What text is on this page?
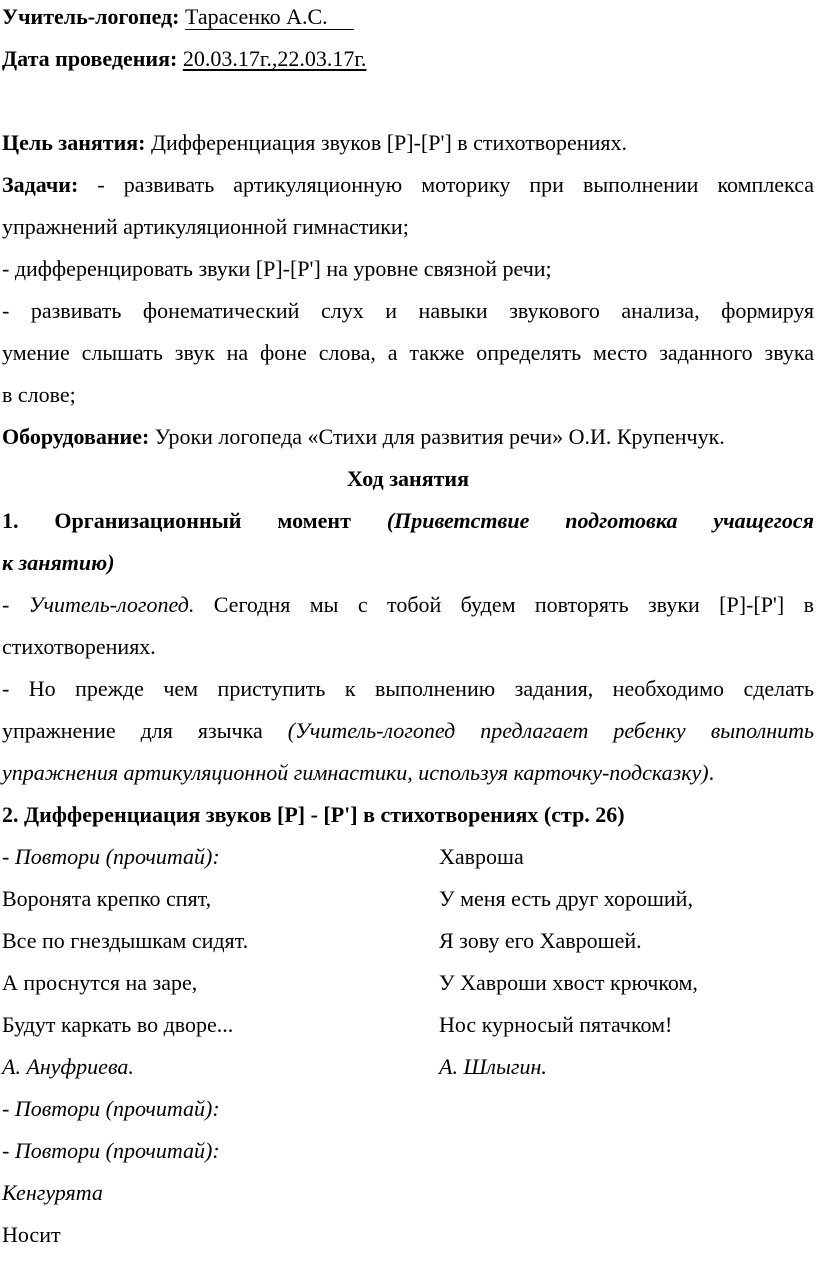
Учитель-логопед: Тарасенко А.С.
Дата проведения: 20.03.17г.,22.03.17г.
Цель занятия: Дифференциация звуков [Р]-[Р'] в стихотворениях.
Задачи: - развивать артикуляционную моторику при выполнении комплекса
упражнений артикуляционной гимнастики;
- дифференцировать звуки [Р]-[Р'] на уровне связной речи;
- развивать фонематический слух и навыки звукового анализа, формируя
умение слышать звук на фоне слова, а также определять место заданного звука
в слове;
Оборудование: Уроки логопеда «Стихи для развития речи» О.И. Крупенчук.
Ход занятия
1. Организационный момент (Приветствие подготовка учащегося
к занятию)
- Учитель-логопед. Сегодня мы с тобой будем повторять звуки [Р]-[Р'] в
стихотворениях.
- Но прежде чем приступить к выполнению задания, необходимо сделать
упражнение для язычка (Учитель-логопед предлагает ребенку выполнить
упражнения артикуляционной гимнастики, используя карточку-подсказку).
2. Дифференциация звуков [Р] - [Р'] в стихотворениях (стр. 26)
- Повтори (прочитай):	Хавроша
Воронята крепко спят,	У меня есть друг хороший,
Все по гнездышкам сидят.	Я зову его Хаврошей.
А проснутся на заре,	У Хавроши хвост крючком,
Будут каркать во дворе...	Нос курносый пятачком!
А. Ануфриева.	А. Шлыгин.
- Повтори (прочитай):
- Повтори (прочитай):
Кенгурята
Носит
